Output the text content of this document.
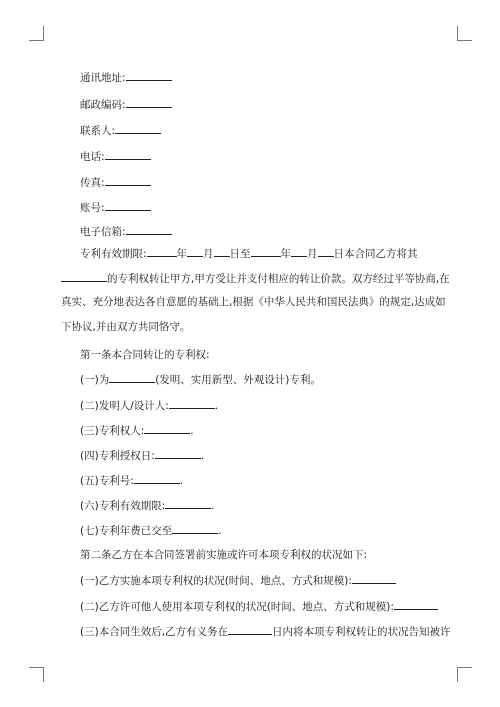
通讯地址:
邮政编码:
联系人:
电话:
传真:
账号:
电子信箱:
专利有效期限:	年 月 日至	年 月 日本合同乙方将其
的专利权转让甲方,甲方受让并支付相应的转让价款。双方经过平等协商,在
真实、充分地表达各自意愿的基础上,根据《中华人民共和国民法典》的规定,达成如
下协议,并由双方共同恪守。
第一条本合同转让的专利权:
(一)为	(发明、实用新型、外观设计)专利。
(二)发明人/设计人:	.
(三)专利权人:	.
(四)专利授权日:	.
(五)专利号:	.
(六)专利有效期限:	.
(七)专利年费已交至	.
第二条乙方在本合同签署前实施或许可本项专利权的状况如下:
(一)乙方实施本项专利权的状况(时间、地点、方式和规模):
(二)乙方许可他人使用本项专利权的状况(时间、地点、方式和规模):
(三)本合同生效后,乙方有义务在	日内将本项专利权转让的状况告知被许
